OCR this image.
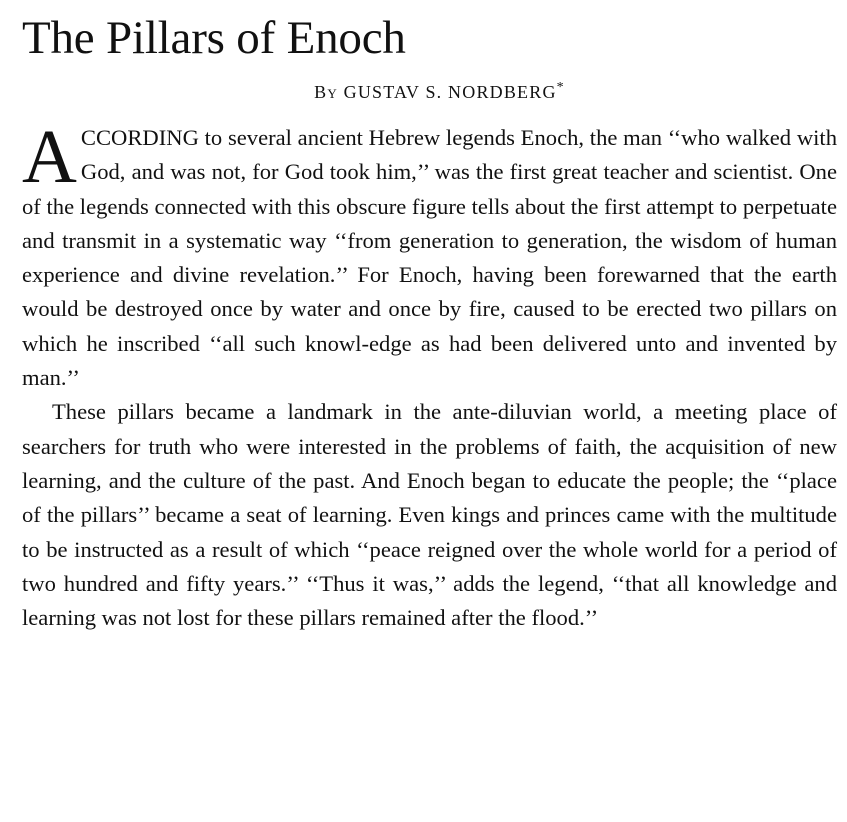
The Pillars of Enoch
By GUSTAV S. NORDBERG*

ACCORDING to several ancient Hebrew legends Enoch, the man ‘‘who walked with God, and was not, for God took him,’’ was the first great teacher and scientist. One of the legends connected with this obscure figure tells about the first attempt to perpetuate and transmit in a systematic way ‘‘from generation to generation, the wisdom of human experience and divine revelation.’’ For Enoch, having been forewarned that the earth would be destroyed once by water and once by fire, caused to be erected two pillars on which he inscribed ‘‘all such knowl-edge as had been delivered unto and invented by man.’’

These pillars became a landmark in the ante-diluvian world, a meeting place of searchers for truth who were interested in the problems of faith, the acquisition of new learning, and the culture of the past. And Enoch began to educate the people; the ‘‘place of the pillars’’ became a seat of learning. Even kings and princes came with the multitude to be instructed as a result of which ‘‘peace reigned over the whole world for a period of two hundred and fifty years.’’ ‘‘Thus it was,’’ adds the legend, ‘‘that all knowledge and learning was not lost for these pillars remained after the flood.’’
